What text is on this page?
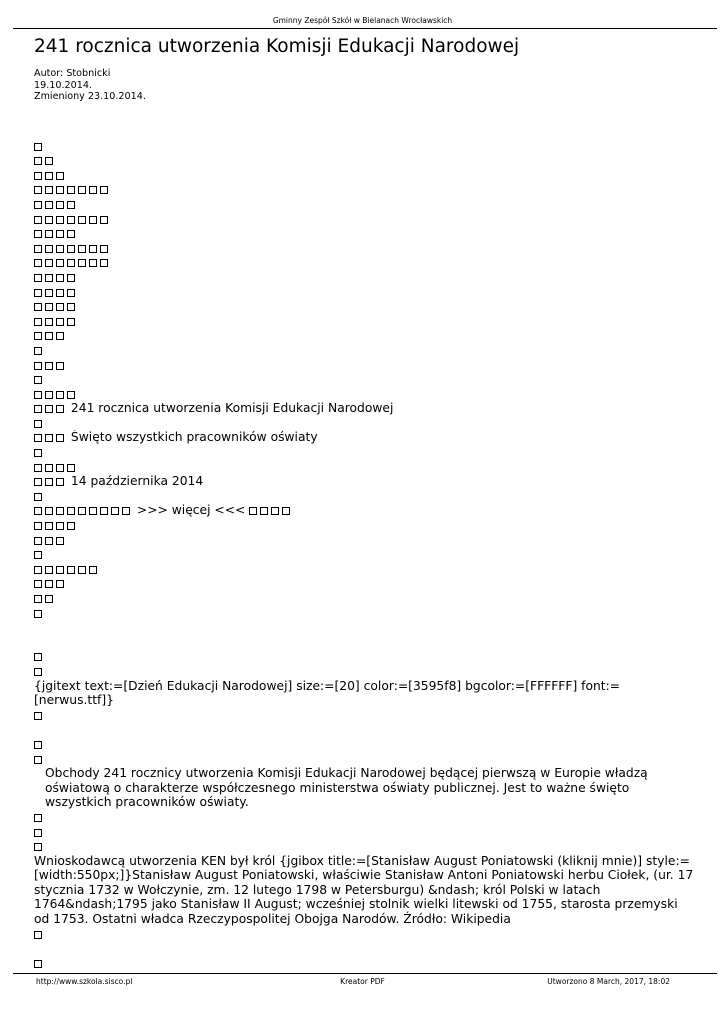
Gminny Zespół Szkół w Bielanach Wrocławskich
241 rocznica utworzenia Komisji Edukacji Narodowej
Autor: Stobnicki
19.10.2014.
Zmieniony 23.10.2014.
241 rocznica utworzenia Komisji Edukacji Narodowej
Święto wszystkich pracowników oświaty
14 października 2014
>>> więcej <<<
{jgitext text:=[Dzień Edukacji Narodowej] size:=[20] color:=[3595f8] bgcolor:=[FFFFFF] font:=[nerwus.ttf]}
Obchody 241 rocznicy utworzenia Komisji Edukacji Narodowej będącej pierwszą w Europie władzą oświatową o charakterze współczesnego ministerstwa oświaty publicznej. Jest to ważne święto wszystkich pracowników oświaty.
Wnioskodawcą utworzenia KEN był król {jgibox title:=[Stanisław August Poniatowski (kliknij mnie)] style:=[width:550px;]}Stanisław August Poniatowski, właściwie Stanisław Antoni Poniatowski herbu Ciołek, (ur. 17 stycznia 1732 w Wołczynie, zm. 12 lutego 1798 w Petersburgu) &ndash; król Polski w latach 1764&ndash;1795 jako Stanisław II August; wcześniej stolnik wielki litewski od 1755, starosta przemyski od 1753. Ostatni władca Rzeczypospolitej Obojga Narodów. Źródło: Wikipedia
http://www.szkola.sisco.pl	Kreator PDF	Utworzono 8 March, 2017, 18:02
